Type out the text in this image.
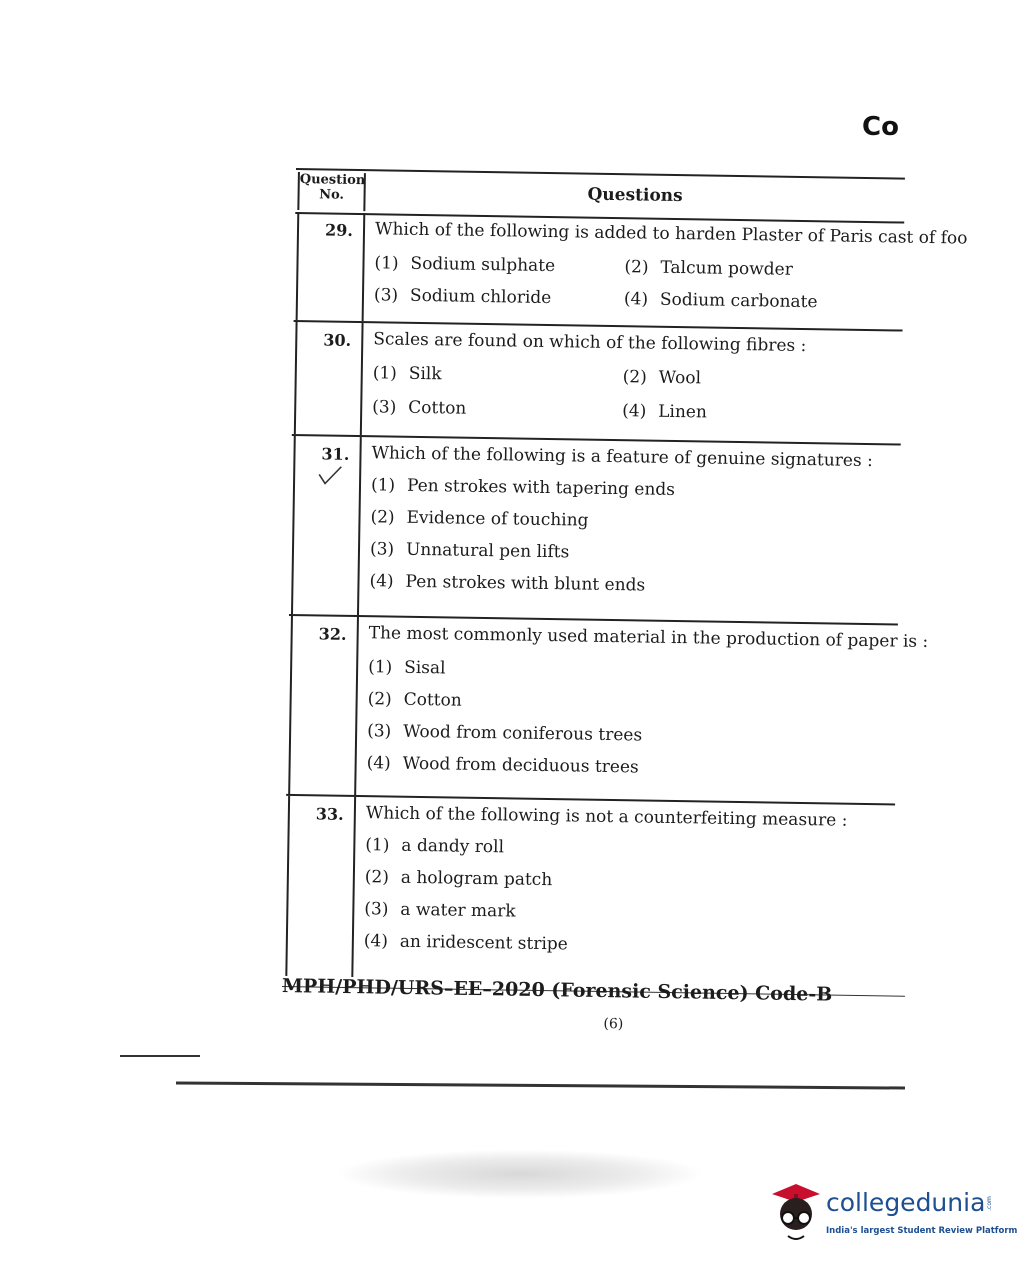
Co
Question
No.	Questions
29. Which of the following is added to harden Plaster of Paris cast of foo
(1) Sodium sulphate	(2) Talcum powder
(3) Sodium chloride	(4) Sodium carbonate
30. Scales are found on which of the following fibres :
(1) Silk	(2) Wool
(3) Cotton	(4) Linen
31. Which of the following is a feature of genuine signatures :
(1) Pen strokes with tapering ends
(2) Evidence of touching
(3) Unnatural pen lifts
(4) Pen strokes with blunt ends
32. The most commonly used material in the production of paper is :
(1) Sisal
(2) Cotton
(3) Wood from coniferous trees
(4) Wood from deciduous trees
33. Which of the following is not a counterfeiting measure :
(1) a dandy roll
(2) a hologram patch
(3) a water mark
(4) an iridescent stripe
MPH/PHD/URS–EE–2020 (Forensic Science) Code-B
(6)
collegedunia .com
India's largest Student Review Platform
